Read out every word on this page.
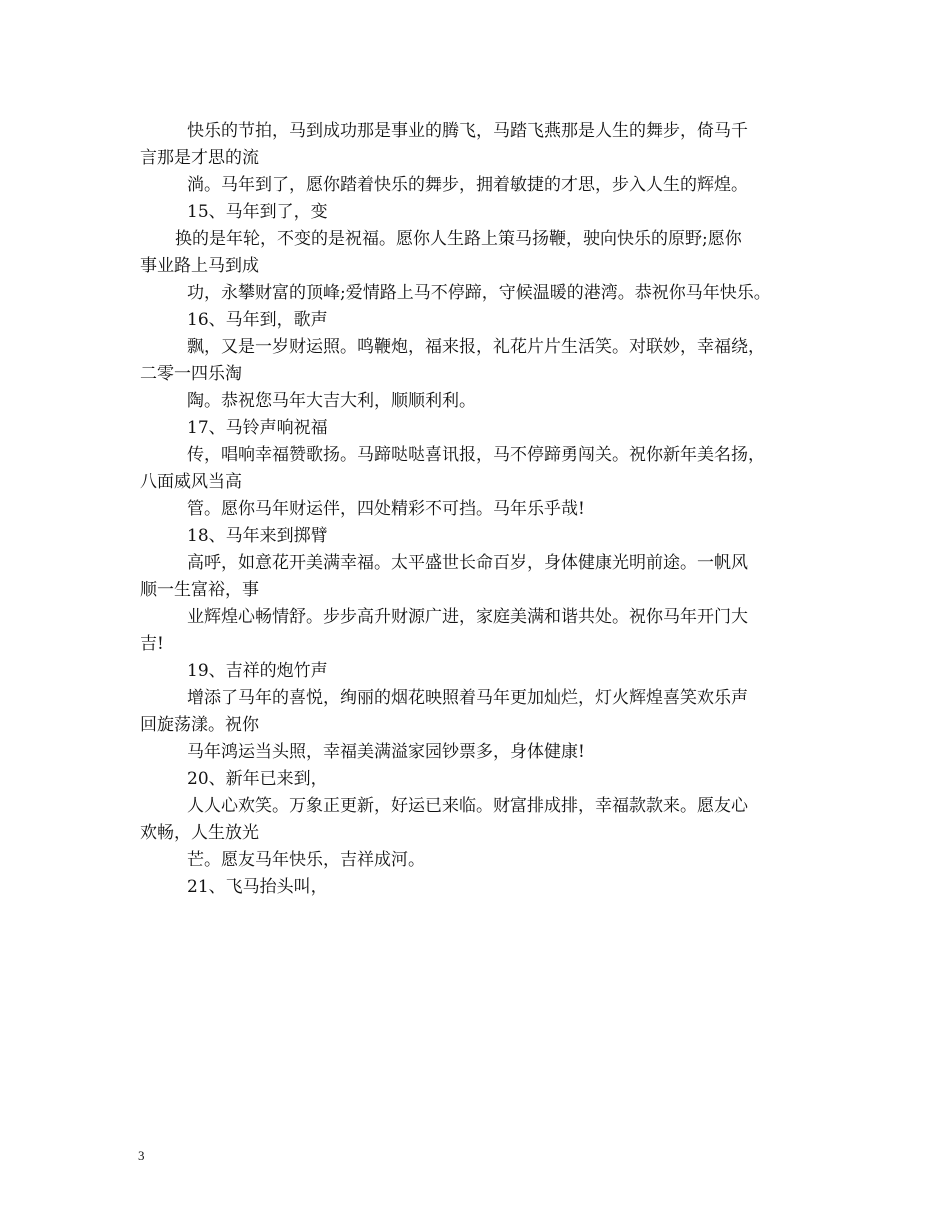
快乐的节拍，马到成功那是事业的腾飞，马踏飞燕那是人生的舞步，倚马千
言那是才思的流
淌。马年到了，愿你踏着快乐的舞步，拥着敏捷的才思，步入人生的辉煌。
15、马年到了，变
换的是年轮，不变的是祝福。愿你人生路上策马扬鞭，驶向快乐的原野;愿你
事业路上马到成
功，永攀财富的顶峰;爱情路上马不停蹄，守候温暖的港湾。恭祝你马年快乐。
16、马年到，歌声
飘，又是一岁财运照。鸣鞭炮，福来报，礼花片片生活笑。对联妙，幸福绕，
二零一四乐淘
陶。恭祝您马年大吉大利，顺顺利利。
17、马铃声响祝福
传，唱响幸福赞歌扬。马蹄哒哒喜讯报，马不停蹄勇闯关。祝你新年美名扬，
八面威风当高
管。愿你马年财运伴，四处精彩不可挡。马年乐乎哉!
18、马年来到掷臂
高呼，如意花开美满幸福。太平盛世长命百岁，身体健康光明前途。一帆风
顺一生富裕，事
业辉煌心畅情舒。步步高升财源广进，家庭美满和谐共处。祝你马年开门大
吉!
19、吉祥的炮竹声
增添了马年的喜悦，绚丽的烟花映照着马年更加灿烂，灯火辉煌喜笑欢乐声
回旋荡漾。祝你
马年鸿运当头照，幸福美满溢家园钞票多，身体健康!
20、新年已来到，
人人心欢笑。万象正更新，好运已来临。财富排成排，幸福款款来。愿友心
欢畅，人生放光
芒。愿友马年快乐，吉祥成河。
21、飞马抬头叫，
3
